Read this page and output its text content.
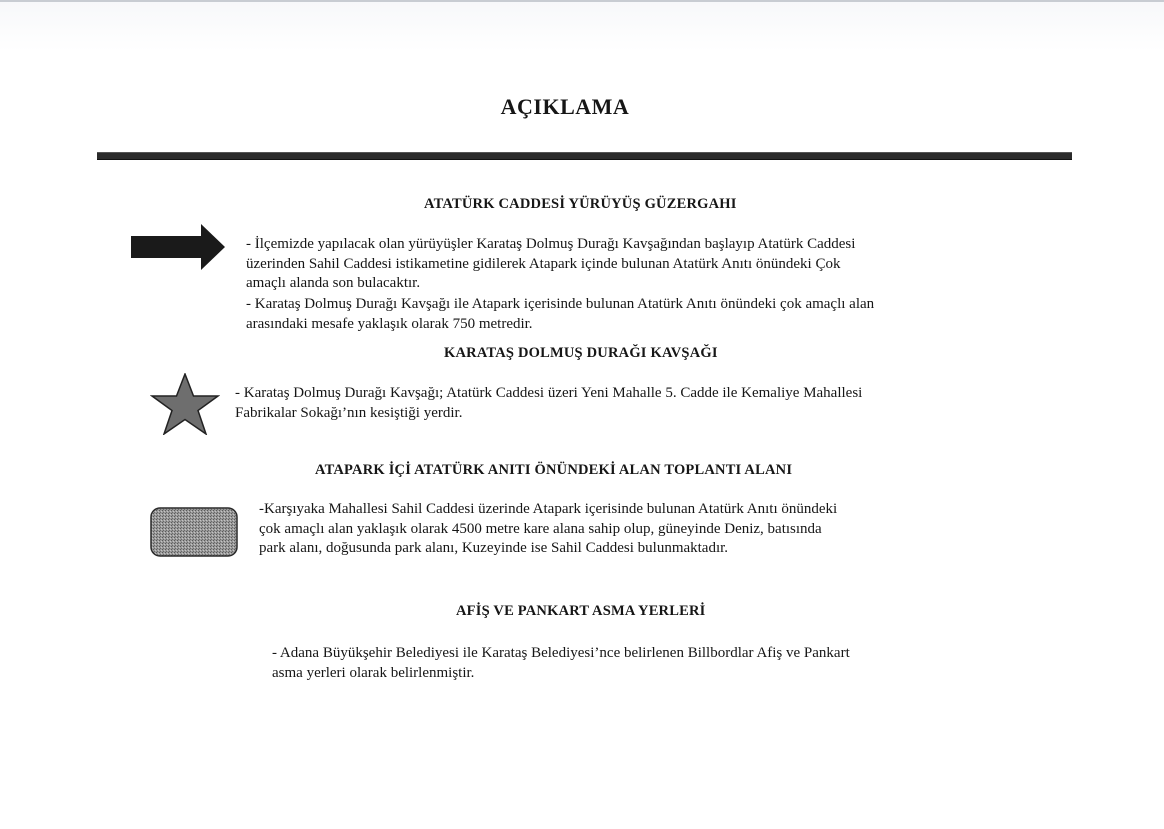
AÇIKLAMA
ATATÜRK CADDESİ YÜRÜYÜŞ GÜZERGAHI

- İlçemizde yapılacak olan yürüyüşler Karataş Dolmuş Durağı Kavşağından başlayıp Atatürk Caddesi
üzerinden Sahil Caddesi istikametine gidilerek Atapark içinde bulunan Atatürk Anıtı önündeki Çok
amaçlı alanda son bulacaktır.

- Karataş Dolmuş Durağı Kavşağı ile Atapark içerisinde bulunan Atatürk Anıtı önündeki çok amaçlı alan
arasındaki mesafe yaklaşık olarak 750 metredir.

KARATAŞ DOLMUŞ DURAĞI KAVŞAĞI

- Karataş Dolmuş Durağı Kavşağı; Atatürk Caddesi üzeri Yeni Mahalle 5. Cadde ile Kemaliye Mahallesi
Fabrikalar Sokağı’nın kesiştiği yerdir.

ATAPARK İÇİ ATATÜRK ANITI ÖNÜNDEKİ ALAN TOPLANTI ALANI

-Karşıyaka Mahallesi Sahil Caddesi üzerinde Atapark içerisinde bulunan Atatürk Anıtı önündeki
çok amaçlı alan yaklaşık olarak 4500 metre kare alana sahip olup, güneyinde Deniz, batısında
park alanı, doğusunda park alanı, Kuzeyinde ise Sahil Caddesi bulunmaktadır.

AFİŞ VE PANKART ASMA YERLERİ

- Adana Büyükşehir Belediyesi ile Karataş Belediyesi’nce belirlenen Billbordlar Afiş ve Pankart
asma yerleri olarak belirlenmiştir.
